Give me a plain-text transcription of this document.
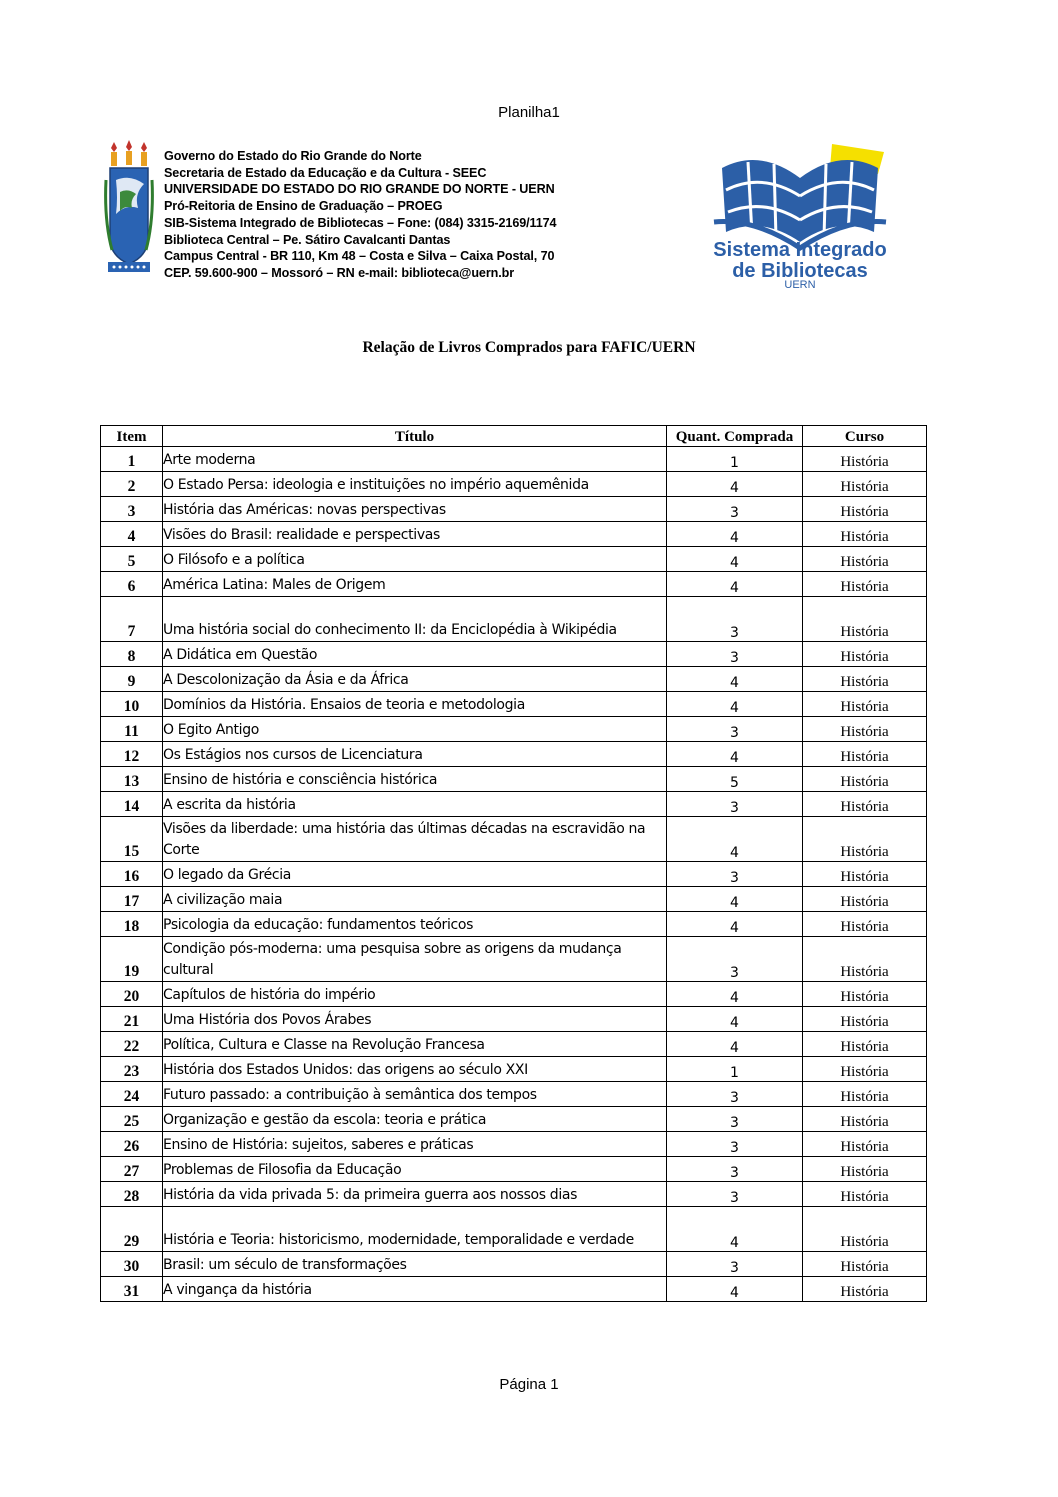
Planilha1
Governo do Estado do Rio Grande do Norte
Secretaria de Estado da Educação e da Cultura - SEEC
UNIVERSIDADE DO ESTADO DO RIO GRANDE DO NORTE - UERN
Pró-Reitoria de Ensino de Graduação – PROEG
SIB-Sistema Integrado de Bibliotecas – Fone: (084) 3315-2169/1174
Biblioteca Central – Pe. Sátiro Cavalcanti Dantas
Campus Central - BR 110, Km 48 – Costa e Silva – Caixa Postal, 70
CEP. 59.600-900 – Mossoró – RN e-mail: biblioteca@uern.br
Sistema Integrado
de Bibliotecas
UERN
Relação de Livros Comprados para FAFIC/UERN
Item	Título	Quant. Comprada	Curso
1	Arte moderna	1	História
2	O Estado Persa: ideologia e instituições no império aquemênida	4	História
3	História das Américas: novas perspectivas	3	História
4	Visões do Brasil: realidade e perspectivas	4	História
5	O Filósofo e a política	4	História
6	América Latina: Males de Origem	4	História
7	Uma história social do conhecimento II: da Enciclopédia à Wikipédia	3	História
8	A Didática em Questão	3	História
9	A Descolonização da Ásia e da África	4	História
10	Domínios da História. Ensaios de teoria e metodologia	4	História
11	O Egito Antigo	3	História
12	Os Estágios nos cursos de Licenciatura	4	História
13	Ensino de história e consciência histórica	5	História
14	A escrita da história	3	História
15	Visões da liberdade: uma história das últimas décadas na escravidão na Corte	4	História
16	O legado da Grécia	3	História
17	A civilização maia	4	História
18	Psicologia da educação: fundamentos teóricos	4	História
19	Condição pós-moderna: uma pesquisa sobre as origens da mudança cultural	3	História
20	Capítulos de história do império	4	História
21	Uma História dos Povos Árabes	4	História
22	Política, Cultura e Classe na Revolução Francesa	4	História
23	História dos Estados Unidos: das origens ao século XXI	1	História
24	Futuro passado: a contribuição à semântica dos tempos	3	História
25	Organização e gestão da escola: teoria e prática	3	História
26	Ensino de História: sujeitos, saberes e práticas	3	História
27	Problemas de Filosofia da Educação	3	História
28	História da vida privada 5: da primeira guerra aos nossos dias	3	História
29	História e Teoria: historicismo, modernidade, temporalidade e verdade	4	História
30	Brasil: um século de transformações	3	História
31	A vingança da história	4	História
Página 1
